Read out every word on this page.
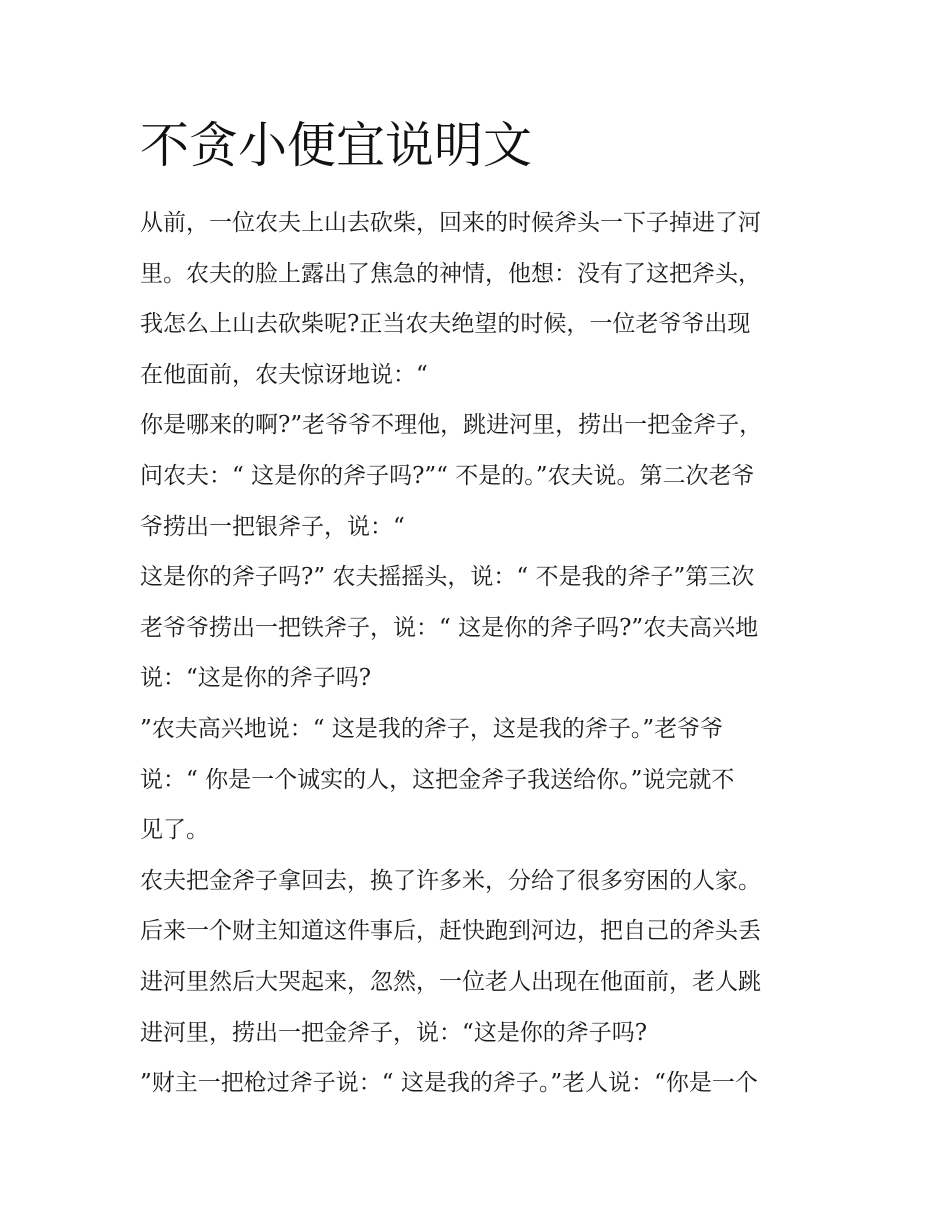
不贪小便宜说明文
从前，一位农夫上山去砍柴，回来的时候斧头一下子掉进了河
里。农夫的脸上露出了焦急的神情，他想：没有了这把斧头，
我怎么上山去砍柴呢?正当农夫绝望的时候，一位老爷爷出现
在他面前，农夫惊讶地说：“
你是哪来的啊?”老爷爷不理他，跳进河里，捞出一把金斧子，
问农夫：“ 这是你的斧子吗?”“ 不是的。”农夫说。第二次老爷
爷捞出一把银斧子，说：“
这是你的斧子吗?” 农夫摇摇头，说：“ 不是我的斧子”第三次
老爷爷捞出一把铁斧子，说：“ 这是你的斧子吗?”农夫高兴地
说：“这是你的斧子吗?
”农夫高兴地说：“ 这是我的斧子，这是我的斧子。”老爷爷
说：“ 你是一个诚实的人，这把金斧子我送给你。”说完就不
见了。
农夫把金斧子拿回去，换了许多米，分给了很多穷困的人家。
后来一个财主知道这件事后，赶快跑到河边，把自己的斧头丢
进河里然后大哭起来，忽然，一位老人出现在他面前，老人跳
进河里，捞出一把金斧子，说：“这是你的斧子吗?
”财主一把枪过斧子说：“ 这是我的斧子。”老人说：“你是一个
